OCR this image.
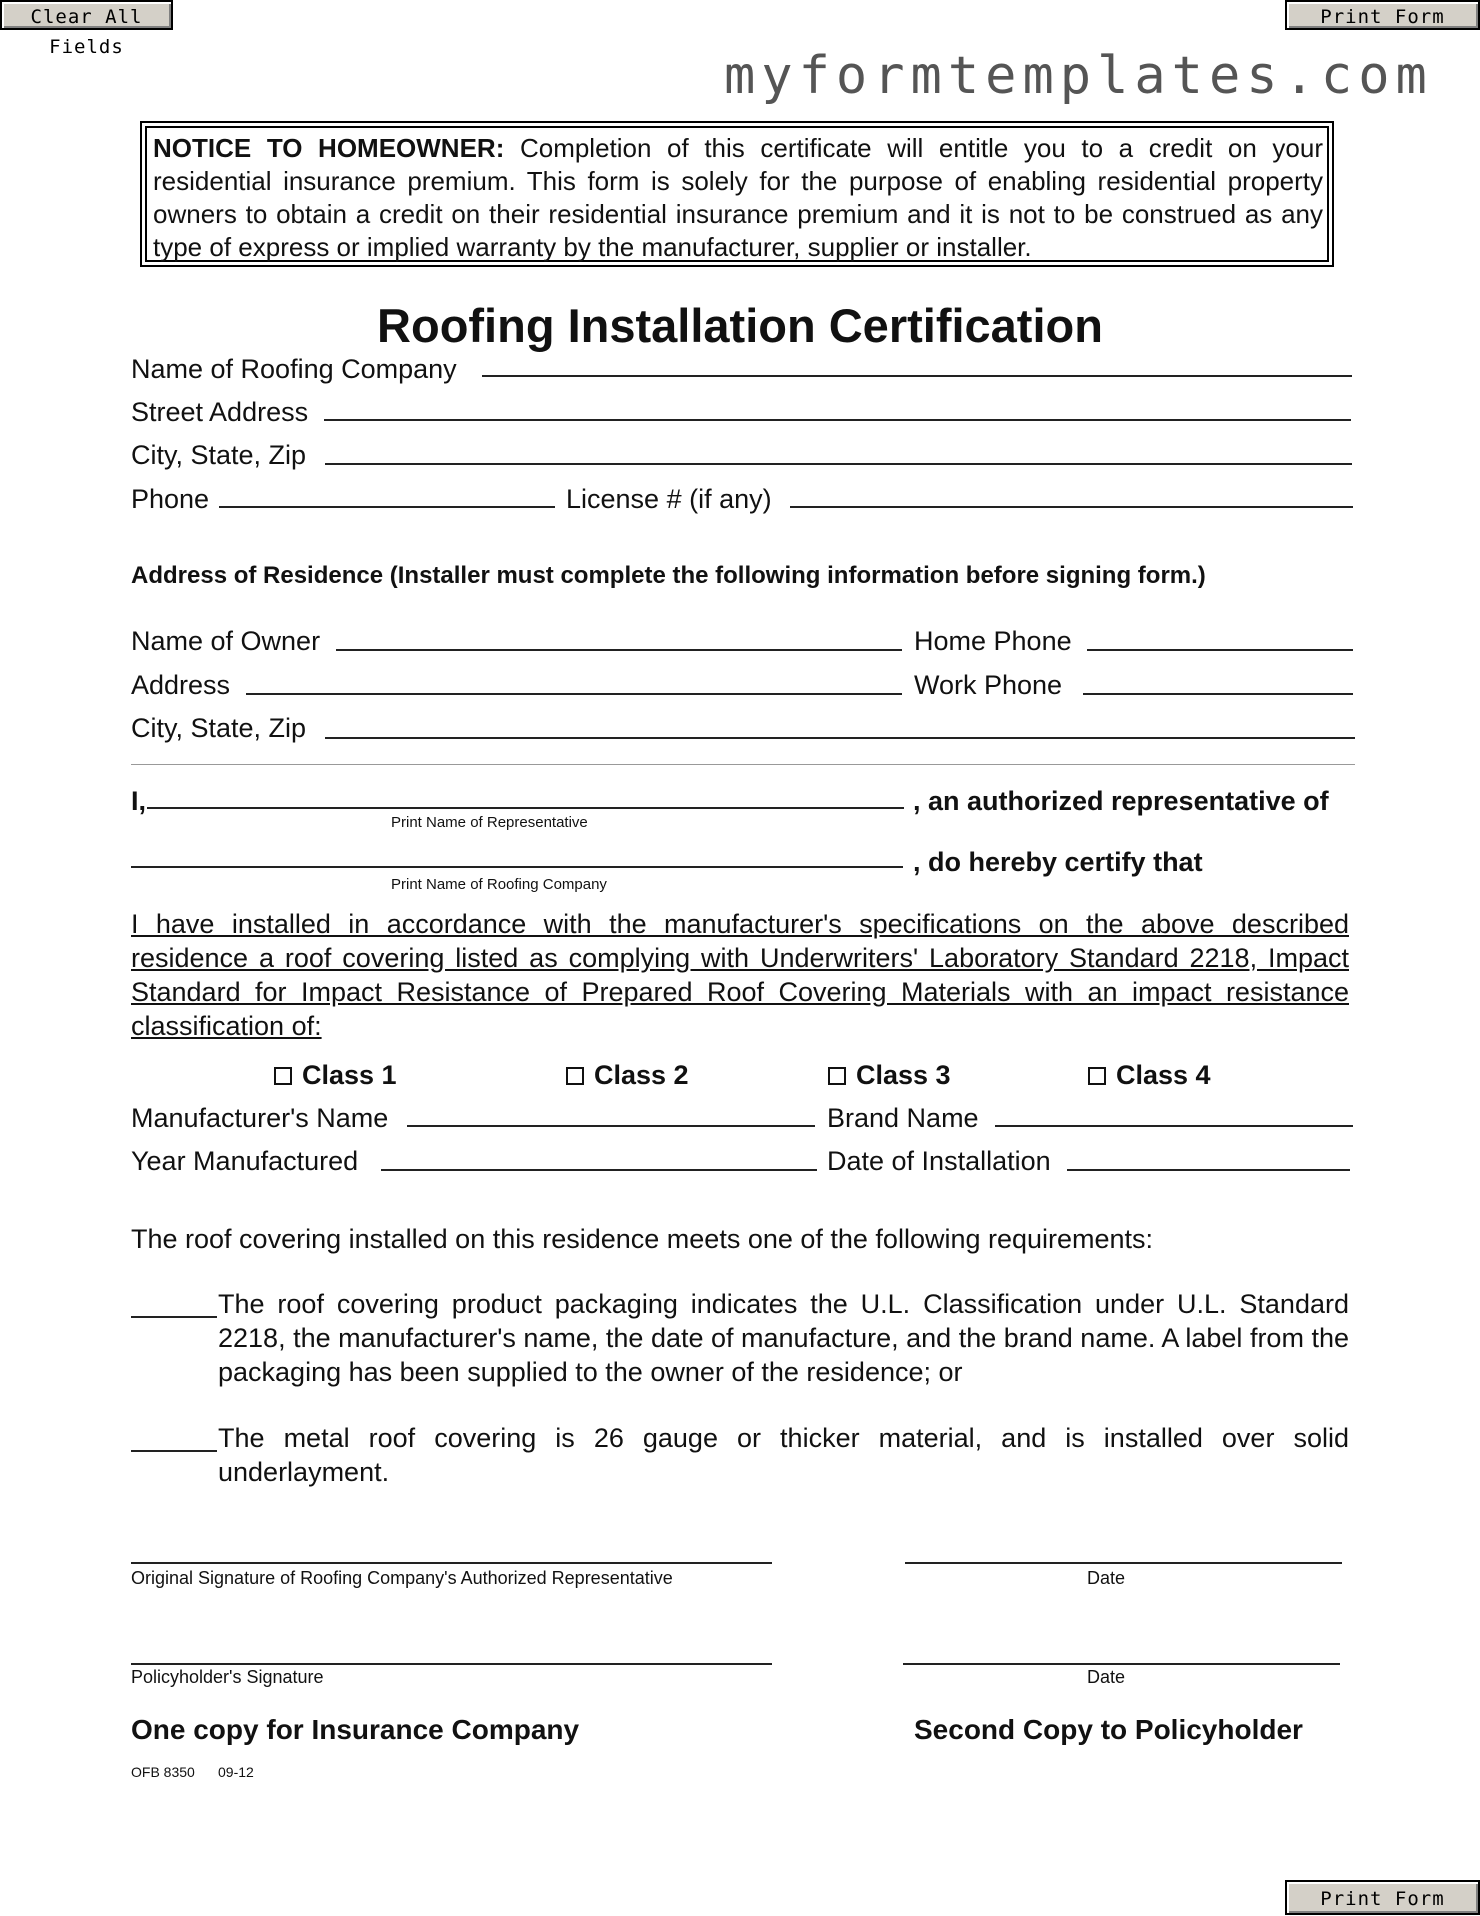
Clear All Fields
Print Form
myformtemplates.com
NOTICE TO HOMEOWNER: Completion of this certificate will entitle you to a credit on your residential insurance premium. This form is solely for the purpose of enabling residential property owners to obtain a credit on their residential insurance premium and it is not to be construed as any type of express or implied warranty by the manufacturer, supplier or installer.
Roofing Installation Certification
Name of Roofing Company
Street Address
City, State, Zip
Phone	License # (if any)
Address of Residence (Installer must complete the following information before signing form.)
Name of Owner	Home Phone
Address	Work Phone
City, State, Zip
I,
Print Name of Representative
, an authorized representative of
Print Name of Roofing Company
, do hereby certify that
I have installed in accordance with the manufacturer's specifications on the above described residence a roof covering listed as complying with Underwriters' Laboratory Standard 2218, Impact Standard for Impact Resistance of Prepared Roof Covering Materials with an impact resistance classification of:
Class 1	Class 2	Class 3	Class 4
Manufacturer's Name	Brand Name
Year Manufactured	Date of Installation
The roof covering installed on this residence meets one of the following requirements:
The roof covering product packaging indicates the U.L. Classification under U.L. Standard 2218, the manufacturer's name, the date of manufacture, and the brand name. A label from the packaging has been supplied to the owner of the residence; or
The metal roof covering is 26 gauge or thicker material, and is installed over solid underlayment.
Original Signature of Roofing Company's Authorized Representative	Date
Policyholder's Signature	Date
One copy for Insurance Company	Second Copy to Policyholder
OFB 8350 09-12
Print Form
